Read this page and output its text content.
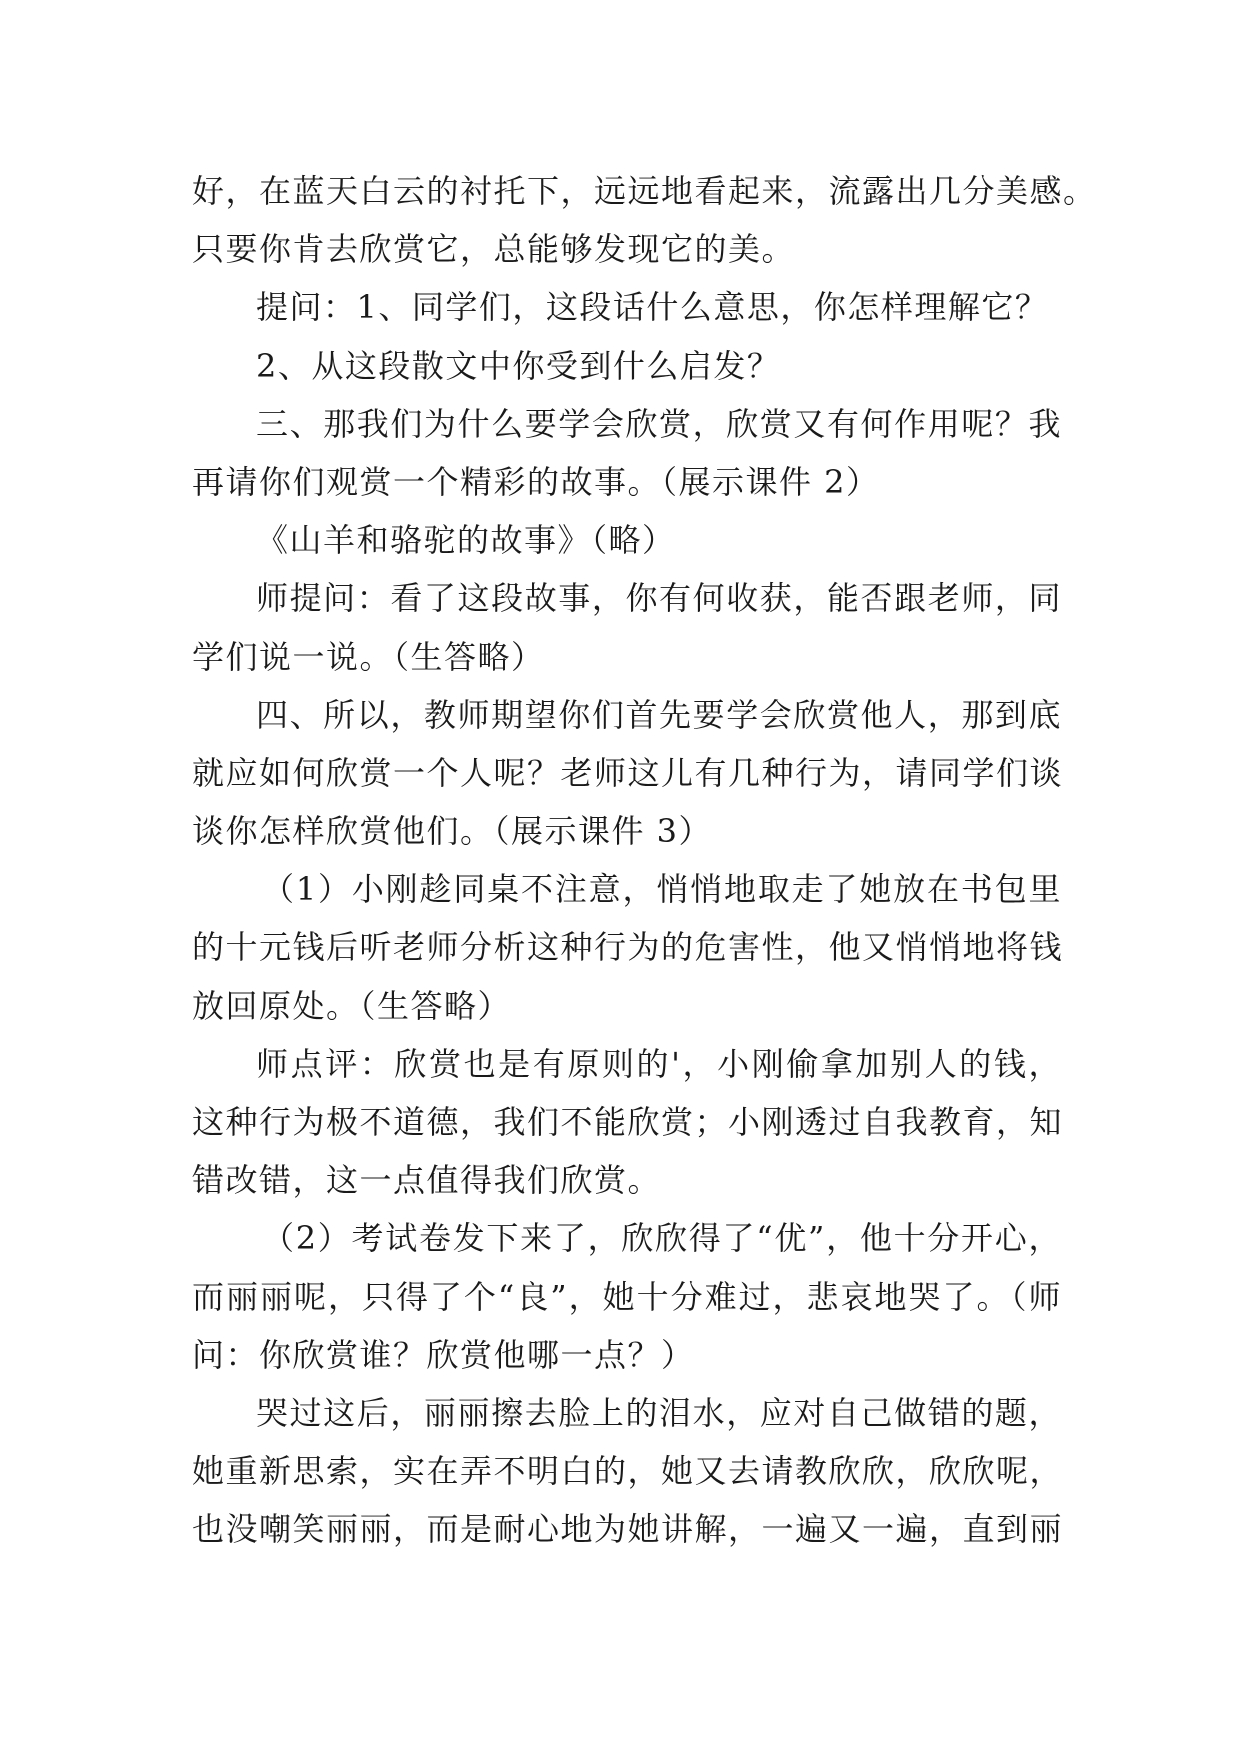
好，在蓝天白云的衬托下，远远地看起来，流露出几分美感。
只要你肯去欣赏它，总能够发现它的美。
提问：1、同学们，这段话什么意思，你怎样理解它？
2、从这段散文中你受到什么启发？
三、那我们为什么要学会欣赏，欣赏又有何作用呢？我
再请你们观赏一个精彩的故事。（展示课件 2）
《山羊和骆驼的故事》（略）
师提问：看了这段故事，你有何收获，能否跟老师，同
学们说一说。（生答略）
四、所以，教师期望你们首先要学会欣赏他人，那到底
就应如何欣赏一个人呢？老师这儿有几种行为，请同学们谈
谈你怎样欣赏他们。（展示课件 3）
（1）小刚趁同桌不注意，悄悄地取走了她放在书包里
的十元钱后听老师分析这种行为的危害性，他又悄悄地将钱
放回原处。（生答略）
师点评：欣赏也是有原则的'，小刚偷拿加别人的钱，
这种行为极不道德，我们不能欣赏；小刚透过自我教育，知
错改错，这一点值得我们欣赏。
（2）考试卷发下来了，欣欣得了“优”，他十分开心，
而丽丽呢，只得了个“良”，她十分难过，悲哀地哭了。（师
问：你欣赏谁？欣赏他哪一点？）
哭过这后，丽丽擦去脸上的泪水，应对自己做错的题，
她重新思索，实在弄不明白的，她又去请教欣欣，欣欣呢，
也没嘲笑丽丽，而是耐心地为她讲解，一遍又一遍，直到丽
